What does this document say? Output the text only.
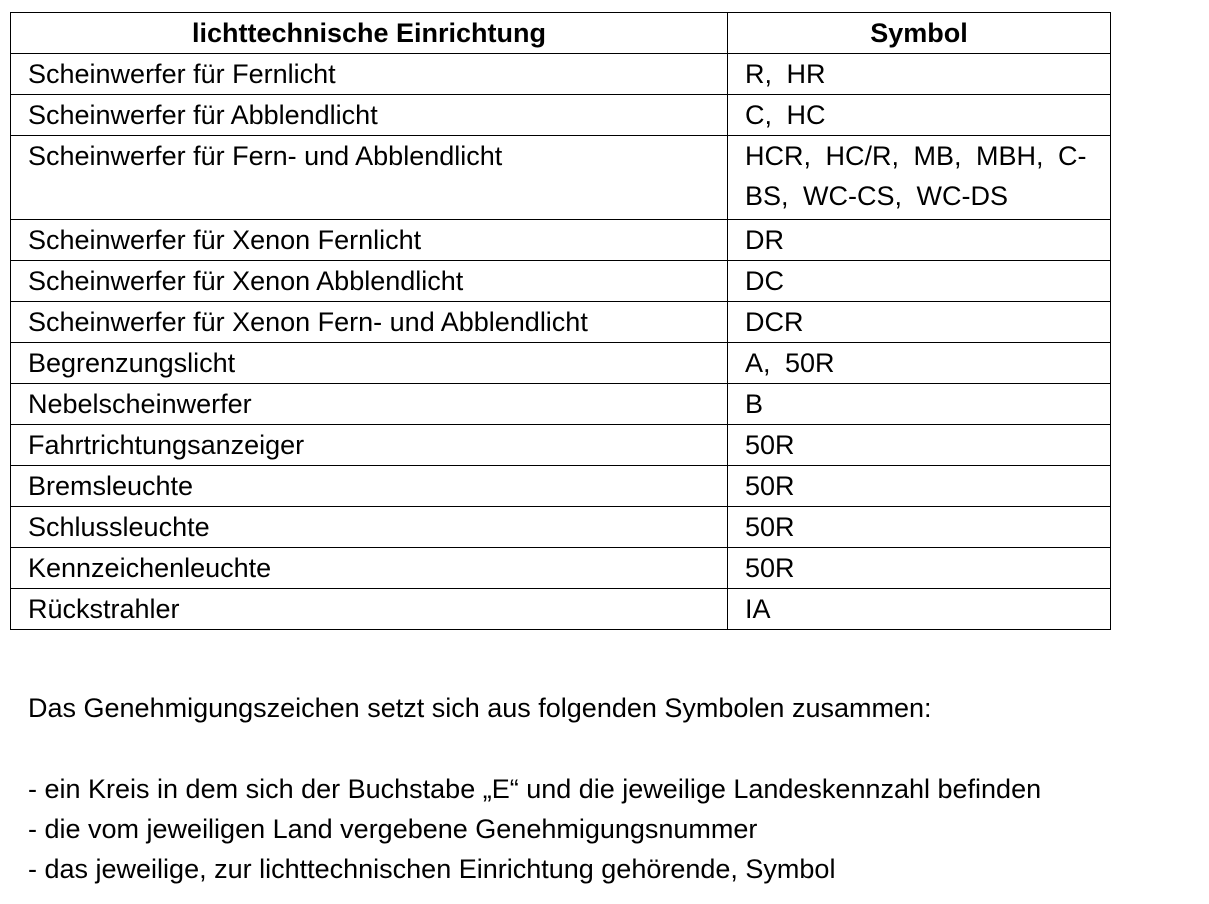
lichttechnische Einrichtung	Symbol
Scheinwerfer für Fernlicht	R, HR
Scheinwerfer für Abblendlicht	C, HC
Scheinwerfer für Fern- und Abblendlicht	HCR, HC/R, MB, MBH, C-BS, WC-CS, WC-DS
Scheinwerfer für Xenon Fernlicht	DR
Scheinwerfer für Xenon Abblendlicht	DC
Scheinwerfer für Xenon Fern- und Abblendlicht	DCR
Begrenzungslicht	A, 50R
Nebelscheinwerfer	B
Fahrtrichtungsanzeiger	50R
Bremsleuchte	50R
Schlussleuchte	50R
Kennzeichenleuchte	50R
Rückstrahler	IA

Das Genehmigungszeichen setzt sich aus folgenden Symbolen zusammen:

- ein Kreis in dem sich der Buchstabe „E“ und die jeweilige Landeskennzahl befinden
- die vom jeweiligen Land vergebene Genehmigungsnummer
- das jeweilige, zur lichttechnischen Einrichtung gehörende, Symbol
